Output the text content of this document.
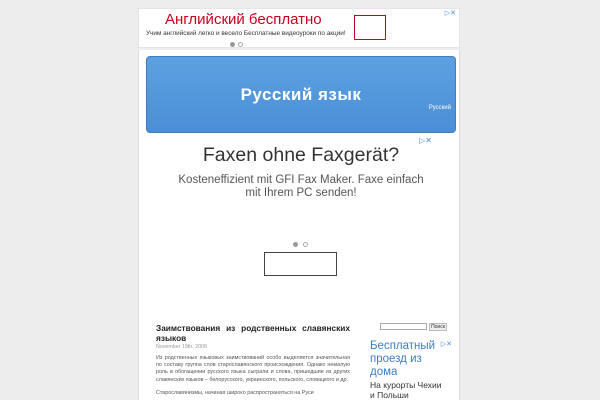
Английский бесплатно
Учим английский легко и весело Бесплатные видеоуроки по акции!
▷✕
Русский язык
Русский
▷✕
Faxen ohne Faxgerät?
Kosteneffizient mit GFI Fax Maker. Faxe einfach mit Ihrem PC senden!
Заимствования из родственных славянских языков
November 19th, 2008

Из родственных языковых заимствований особо выделяется значительная по составу группа слов старославянского происхождения. Однако немалую роль в обогащении русского языка сыграли и слова, пришедшие из других славянских языков – белорусского, украинского, польского, словацкого и др.

Старославянизмы, начиная широко распространяться на Руси

Поиск
▷✕
Бесплатный проезд из дома
На курорты Чехии и Польши
